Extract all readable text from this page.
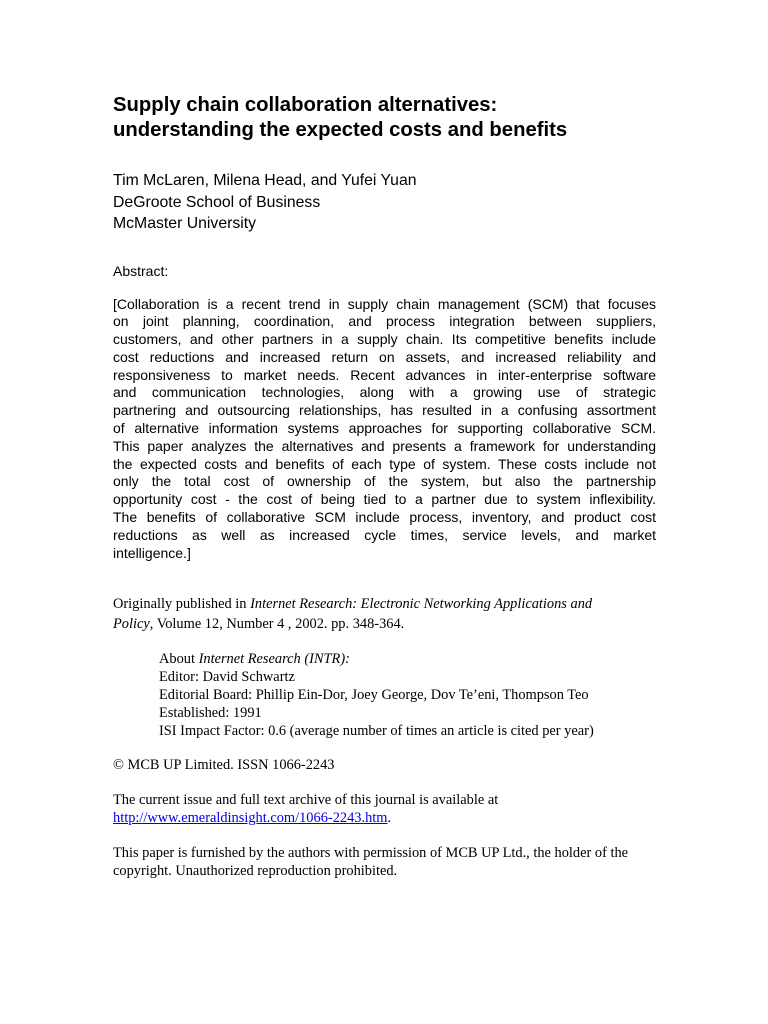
Supply chain collaboration alternatives:
understanding the expected costs and benefits
Tim McLaren, Milena Head, and Yufei Yuan
DeGroote School of Business
McMaster University
Abstract:
[Collaboration is a recent trend in supply chain management (SCM) that focuses
on joint planning, coordination, and process integration between suppliers,
customers, and other partners in a supply chain. Its competitive benefits include
cost reductions and increased return on assets, and increased reliability and
responsiveness to market needs. Recent advances in inter-enterprise software
and communication technologies, along with a growing use of strategic
partnering and outsourcing relationships, has resulted in a confusing assortment
of alternative information systems approaches for supporting collaborative SCM.
This paper analyzes the alternatives and presents a framework for understanding
the expected costs and benefits of each type of system. These costs include not
only the total cost of ownership of the system, but also the partnership
opportunity cost - the cost of being tied to a partner due to system inflexibility.
The benefits of collaborative SCM include process, inventory, and product cost
reductions as well as increased cycle times, service levels, and market
intelligence.]
Originally published in Internet Research: Electronic Networking Applications and
Policy, Volume 12, Number 4 , 2002. pp. 348-364.
About Internet Research (INTR):
Editor: David Schwartz
Editorial Board: Phillip Ein-Dor, Joey George, Dov Te’eni, Thompson Teo
Established: 1991
ISI Impact Factor: 0.6 (average number of times an article is cited per year)
© MCB UP Limited. ISSN 1066-2243
The current issue and full text archive of this journal is available at
http://www.emeraldinsight.com/1066-2243.htm.
This paper is furnished by the authors with permission of MCB UP Ltd., the holder of the
copyright. Unauthorized reproduction prohibited.
